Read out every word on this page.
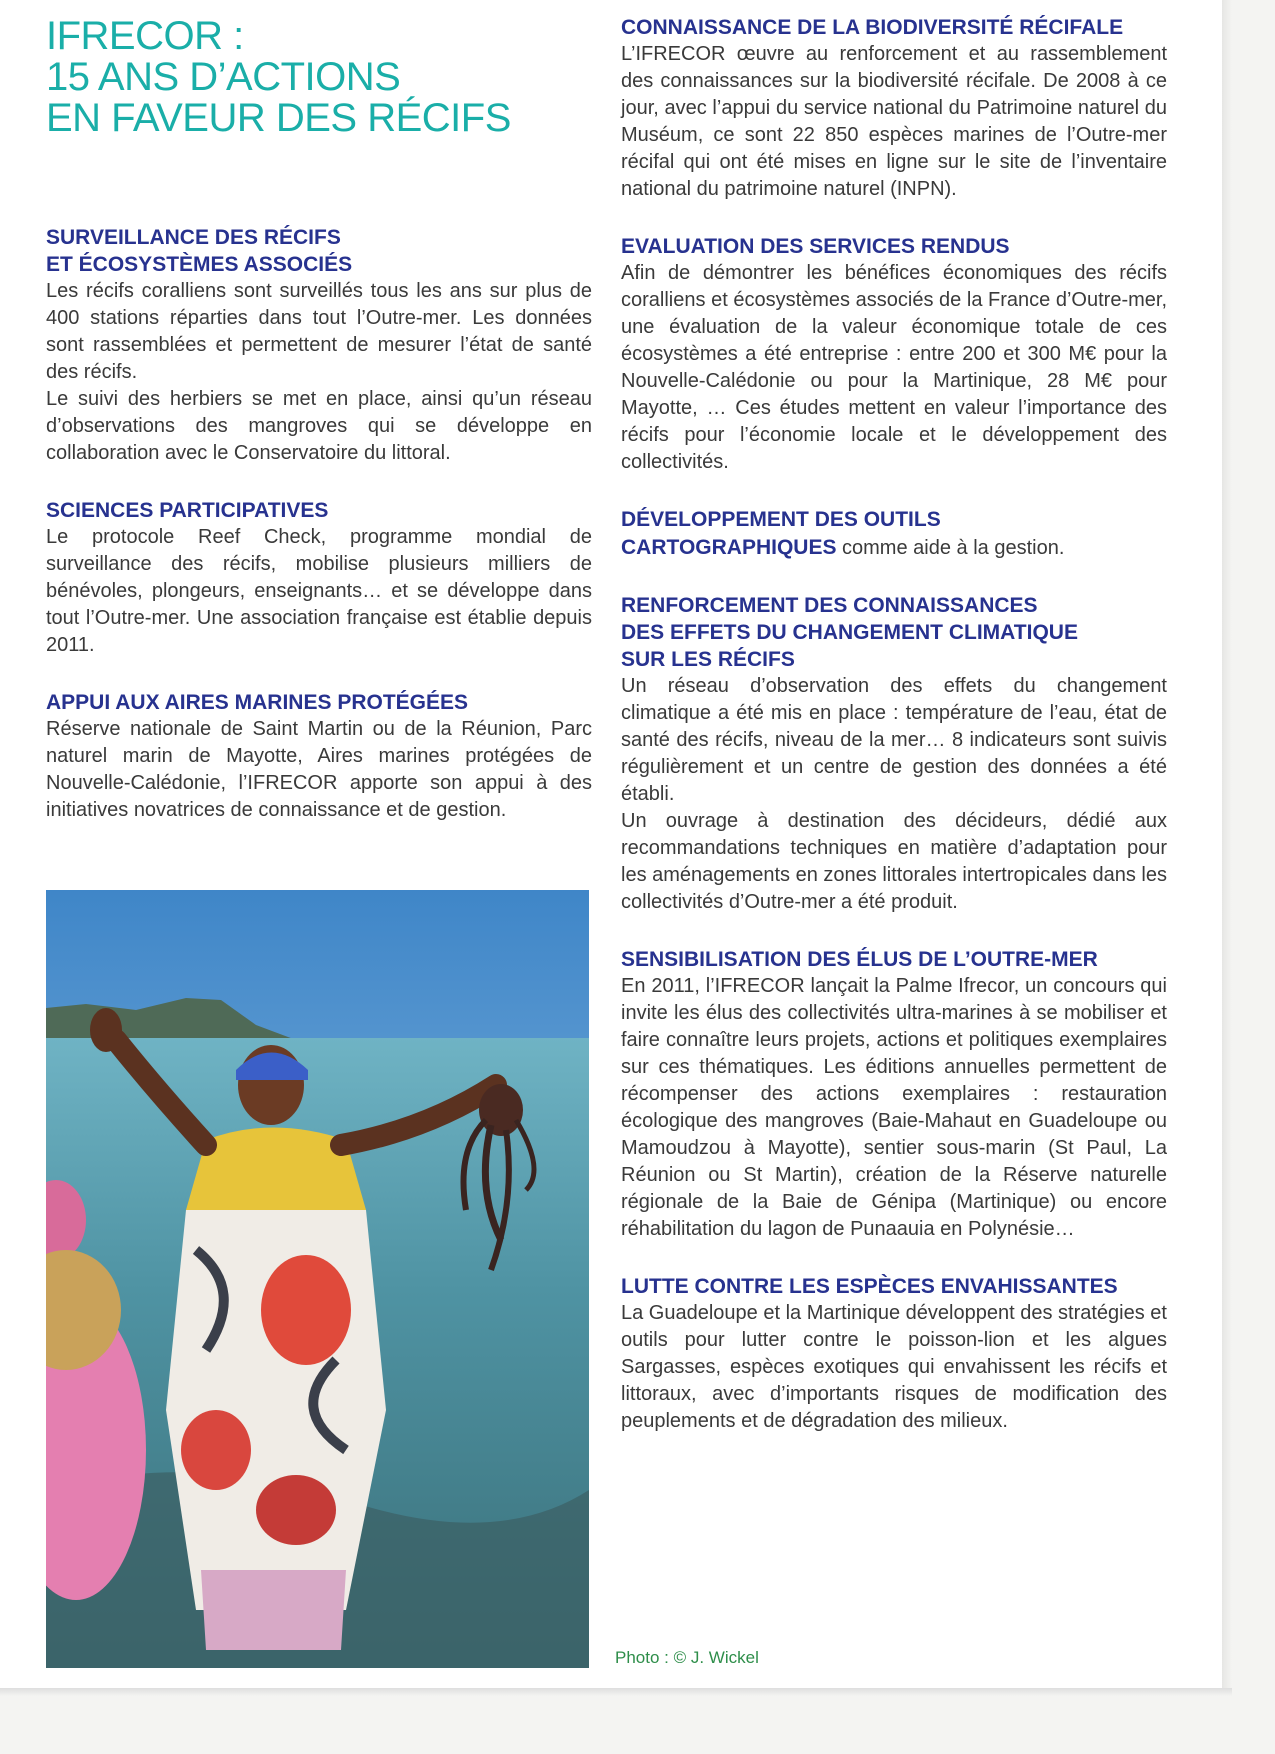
IFRECOR :
15 ANS D’ACTIONS
EN FAVEUR DES RÉCIFS
SURVEILLANCE DES RÉCIFS
ET ÉCOSYSTÈMES ASSOCIÉS

Les récifs coralliens sont surveillés tous les ans sur plus de 400 stations réparties dans tout l’Outre-mer. Les données sont rassemblées et permettent de mesurer l’état de santé des récifs.

Le suivi des herbiers se met en place, ainsi qu’un réseau d’observations des mangroves qui se développe en collaboration avec le Conservatoire du littoral.

SCIENCES PARTICIPATIVES

Le protocole Reef Check, programme mondial de surveillance des récifs, mobilise plusieurs milliers de bénévoles, plongeurs, enseignants… et se développe dans tout l’Outre-mer. Une association française est établie depuis 2011.

APPUI AUX AIRES MARINES PROTÉGÉES

Réserve nationale de Saint Martin ou de la Réunion, Parc naturel marin de Mayotte, Aires marines protégées de Nouvelle-Calédonie, l’IFRECOR apporte son appui à des initiatives novatrices de connaissance et de gestion.

CONNAISSANCE DE LA BIODIVERSITÉ RÉCIFALE

L’IFRECOR œuvre au renforcement et au rassemblement des connaissances sur la biodiversité récifale. De 2008 à ce jour, avec l’appui du service national du Patrimoine naturel du Muséum, ce sont 22 850 espèces marines de l’Outre-mer récifal qui ont été mises en ligne sur le site de l’inventaire national du patrimoine naturel (INPN).

EVALUATION DES SERVICES RENDUS

Afin de démontrer les bénéfices économiques des récifs coralliens et écosystèmes associés de la France d’Outre-mer, une évaluation de la valeur économique totale de ces écosystèmes a été entreprise : entre 200 et 300 M€ pour la Nouvelle-Calédonie ou pour la Martinique, 28 M€ pour Mayotte, … Ces études mettent en valeur l’importance des récifs pour l’économie locale et le développement des collectivités.

DÉVELOPPEMENT DES OUTILS
CARTOGRAPHIQUES comme aide à la gestion.

RENFORCEMENT DES CONNAISSANCES
DES EFFETS DU CHANGEMENT CLIMATIQUE
SUR LES RÉCIFS

Un réseau d’observation des effets du changement climatique a été mis en place : température de l’eau, état de santé des récifs, niveau de la mer… 8 indicateurs sont suivis régulièrement et un centre de gestion des données a été établi.

Un ouvrage à destination des décideurs, dédié aux recommandations techniques en matière d’adaptation pour les aménagements en zones littorales intertropicales dans les collectivités d’Outre-mer a été produit.

SENSIBILISATION DES ÉLUS DE L’OUTRE-MER

En 2011, l’IFRECOR lançait la Palme Ifrecor, un concours qui invite les élus des collectivités ultra-marines à se mobiliser et faire connaître leurs projets, actions et politiques exemplaires sur ces thématiques. Les éditions annuelles permettent de récompenser des actions exemplaires : restauration écologique des mangroves (Baie-Mahaut en Guadeloupe ou Mamoudzou à Mayotte), sentier sous-marin (St Paul, La Réunion ou St Martin), création de la Réserve naturelle régionale de la Baie de Génipa (Martinique) ou encore réhabilitation du lagon de Punaauia en Polynésie…

LUTTE CONTRE LES ESPÈCES ENVAHISSANTES

La Guadeloupe et la Martinique développent des stratégies et outils pour lutter contre le poisson-lion et les algues Sargasses, espèces exotiques qui envahissent les récifs et littoraux, avec d’importants risques de modification des peuplements et de dégradation des milieux.

Photo : © J. Wickel
